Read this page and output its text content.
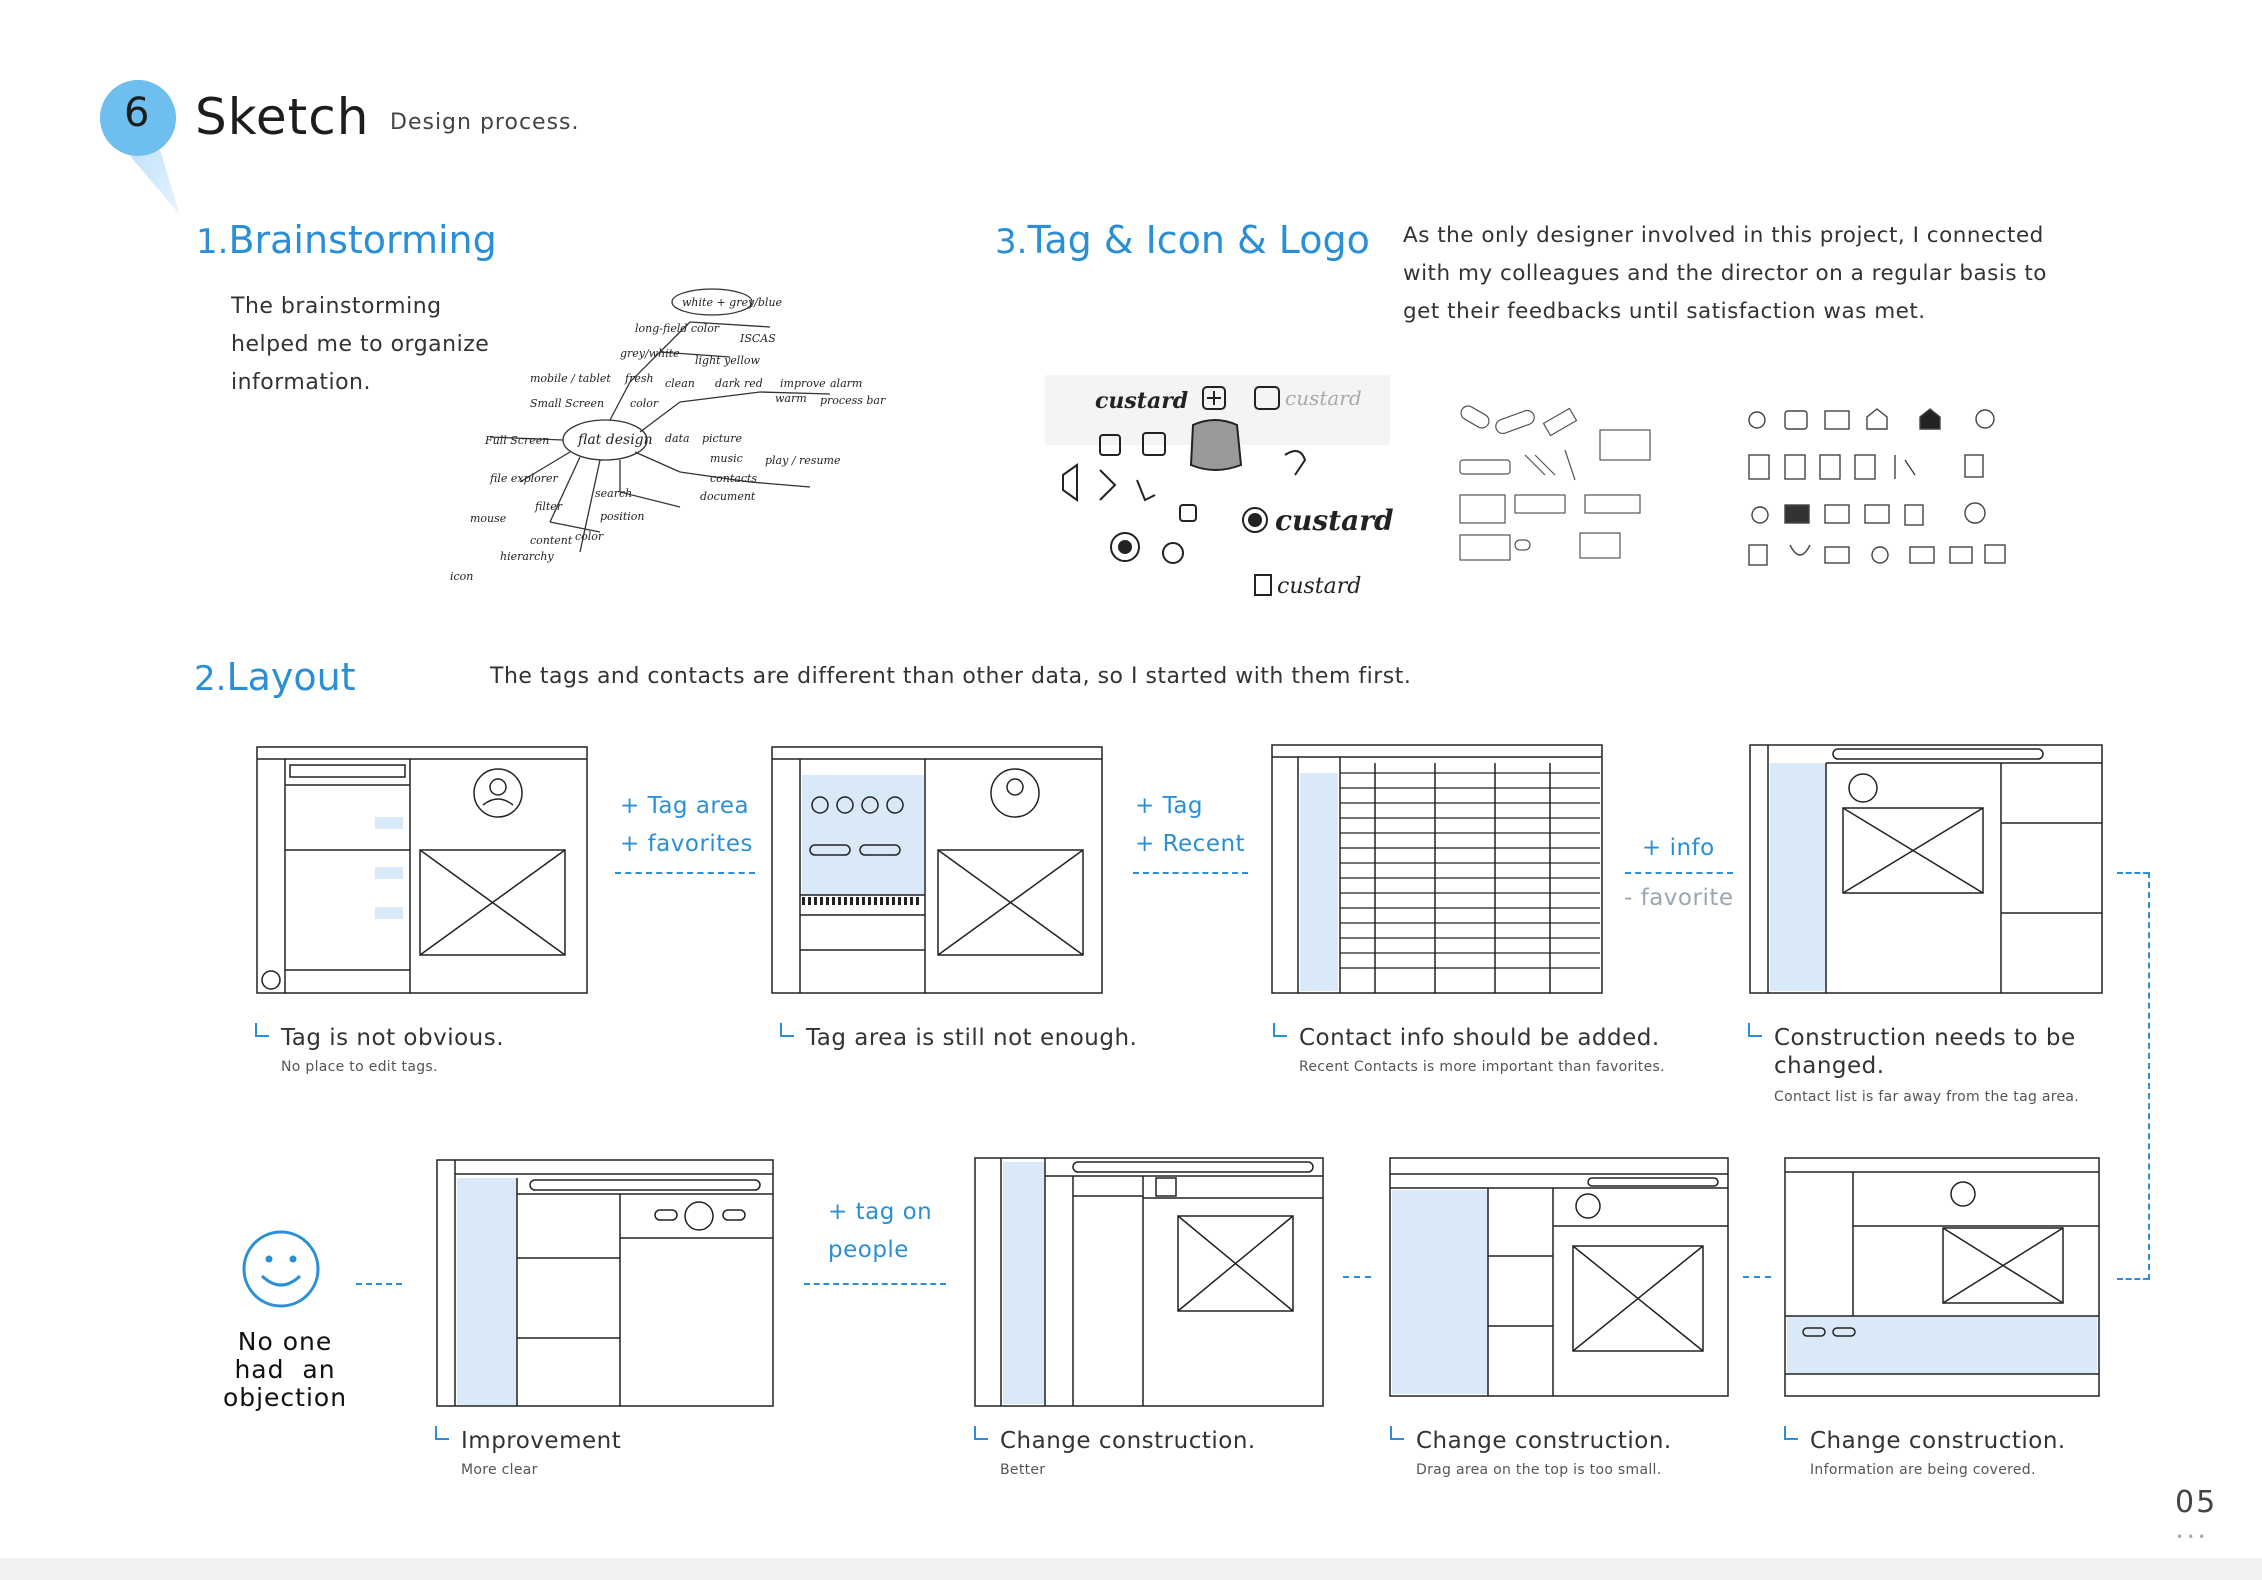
6 Sketch Design process.
1.Brainstorming
The brainstorming
helped me to organize
information.
white + grey/blue
long-field color
ISCAS
grey/white
light yellow
mobile / tablet fresh clean dark red improve alarm
Small Screen color	warm process bar
Full Screen flat design data picture
music play / resume
file explorer
filter
search
contacts
document
mouse	position
content color
icon
hierarchy
3.Tag & Icon & Logo As the only designer involved in this project, I connected
with my colleagues and the director on a regular basis to
get their feedbacks until satisfaction was met.
custard	custard
custard
custard
2.Layout	The tags and contacts are different than other data, so I started with them first.
+ Tag area
+ favorites
+ Tag
+ Recent	+ info
- favorite
Tag is not obvious.
No place to edit tags.
Tag area is still not enough.	Contact info should be added.
Recent Contacts is more important than favorites.
Construction needs to be
changed.
Contact list is far away from the tag area.
No one
had  an
objection
+ tag on
people
Improvement
More clear
Change construction.
Better
Change construction.
Drag area on the top is too small.
Change construction.
Information are being covered.
05
•••
